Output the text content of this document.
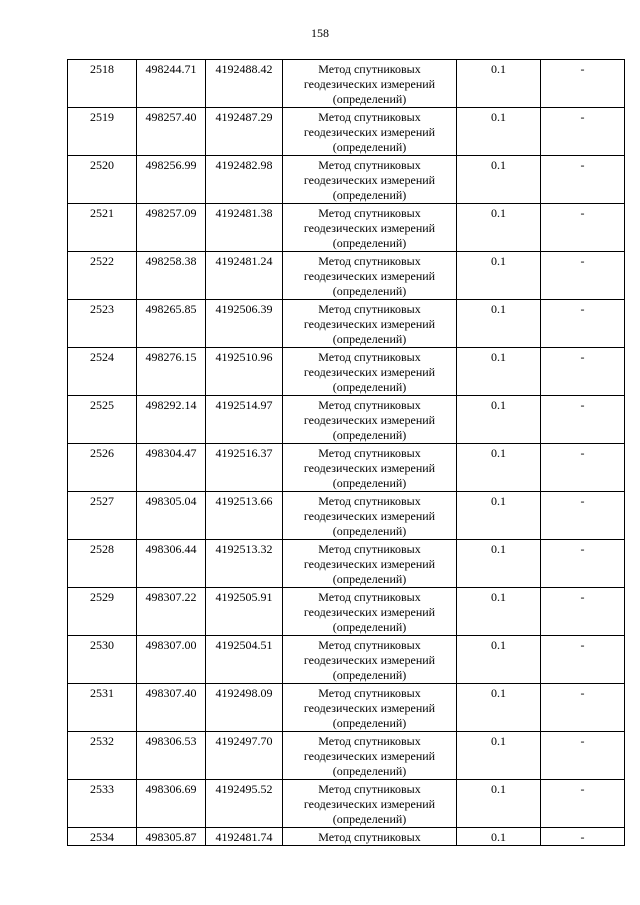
158
2518	498244.71	4192488.42	Метод спутниковых геодезических измерений (определений)	0.1	-
2519	498257.40	4192487.29	Метод спутниковых геодезических измерений (определений)	0.1	-
2520	498256.99	4192482.98	Метод спутниковых геодезических измерений (определений)	0.1	-
2521	498257.09	4192481.38	Метод спутниковых геодезических измерений (определений)	0.1	-
2522	498258.38	4192481.24	Метод спутниковых геодезических измерений (определений)	0.1	-
2523	498265.85	4192506.39	Метод спутниковых геодезических измерений (определений)	0.1	-
2524	498276.15	4192510.96	Метод спутниковых геодезических измерений (определений)	0.1	-
2525	498292.14	4192514.97	Метод спутниковых геодезических измерений (определений)	0.1	-
2526	498304.47	4192516.37	Метод спутниковых геодезических измерений (определений)	0.1	-
2527	498305.04	4192513.66	Метод спутниковых геодезических измерений (определений)	0.1	-
2528	498306.44	4192513.32	Метод спутниковых геодезических измерений (определений)	0.1	-
2529	498307.22	4192505.91	Метод спутниковых геодезических измерений (определений)	0.1	-
2530	498307.00	4192504.51	Метод спутниковых геодезических измерений (определений)	0.1	-
2531	498307.40	4192498.09	Метод спутниковых геодезических измерений (определений)	0.1	-
2532	498306.53	4192497.70	Метод спутниковых геодезических измерений (определений)	0.1	-
2533	498306.69	4192495.52	Метод спутниковых геодезических измерений (определений)	0.1	-
2534	498305.87	4192481.74	Метод спутниковых	0.1	-
